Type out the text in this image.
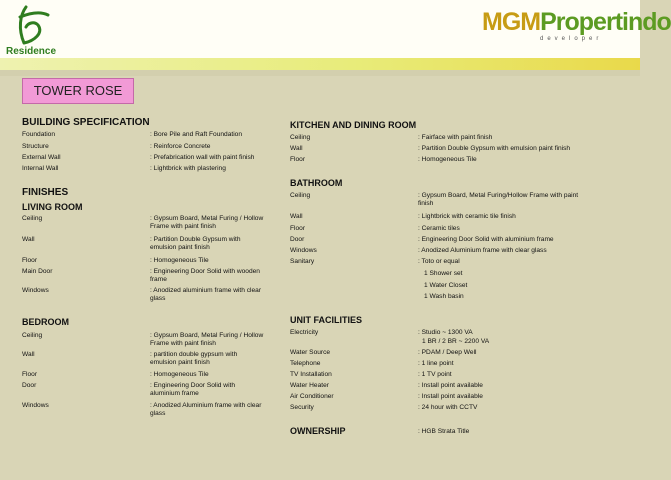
Residence
MGMPropertindo
developer
TOWER ROSE
BUILDING SPECIFICATION
Foundation	: Bore Pile and Raft Foundation
Structure	: Reinforce Concrete
External Wall	: Prefabrication wall with paint finish
Internal Wall	: Lightbrick with plastering
FINISHES
LIVING ROOM
Ceiling	: Gypsum Board, Metal Furing / Hollow Frame with paint finish
Wall	: Partition Double Gypsum with emulsion paint finish
Floor	: Homogeneous Tile
Main Door	: Engineering Door Solid with wooden frame
Windows	: Anodized aluminium frame with clear glass
BEDROOM
Ceiling	: Gypsum Board, Metal Furing / Hollow Frame with paint finish
Wall	: partition double gypsum with emulsion paint finish
Floor	: Homogeneous Tile
Door	: Engineering Door Solid with aluminium frame
Windows	: Anodized Aluminium frame with clear glass
KITCHEN AND DINING ROOM
Ceiling	: Fairface with paint finish
Wall	: Partition Double Gypsum with emulsion paint finish
Floor	: Homogeneous Tile
BATHROOM
Ceiling	: Gypsum Board, Metal Furing/Hollow Frame with paint finish
Wall	: Lightbrick with ceramic tile finish
Floor	: Ceramic tiles
Door	: Engineering Door Solid with aluminium frame
Windows	: Anodized Aluminium frame with clear glass
Sanitary	: Toto or equal
1 Shower set
1 Water Closet
1 Wash basin
UNIT FACILITIES
Electricity	: Studio ~ 1300 VA
1 BR / 2 BR ~ 2200 VA
Water Source	: PDAM / Deep Well
Telephone	: 1 line point
TV Installation	: 1 TV point
Water Heater	: Install point available
Air Conditioner	: Install point available
Security	: 24 hour with CCTV
OWNERSHIP	: HGB Strata Title
